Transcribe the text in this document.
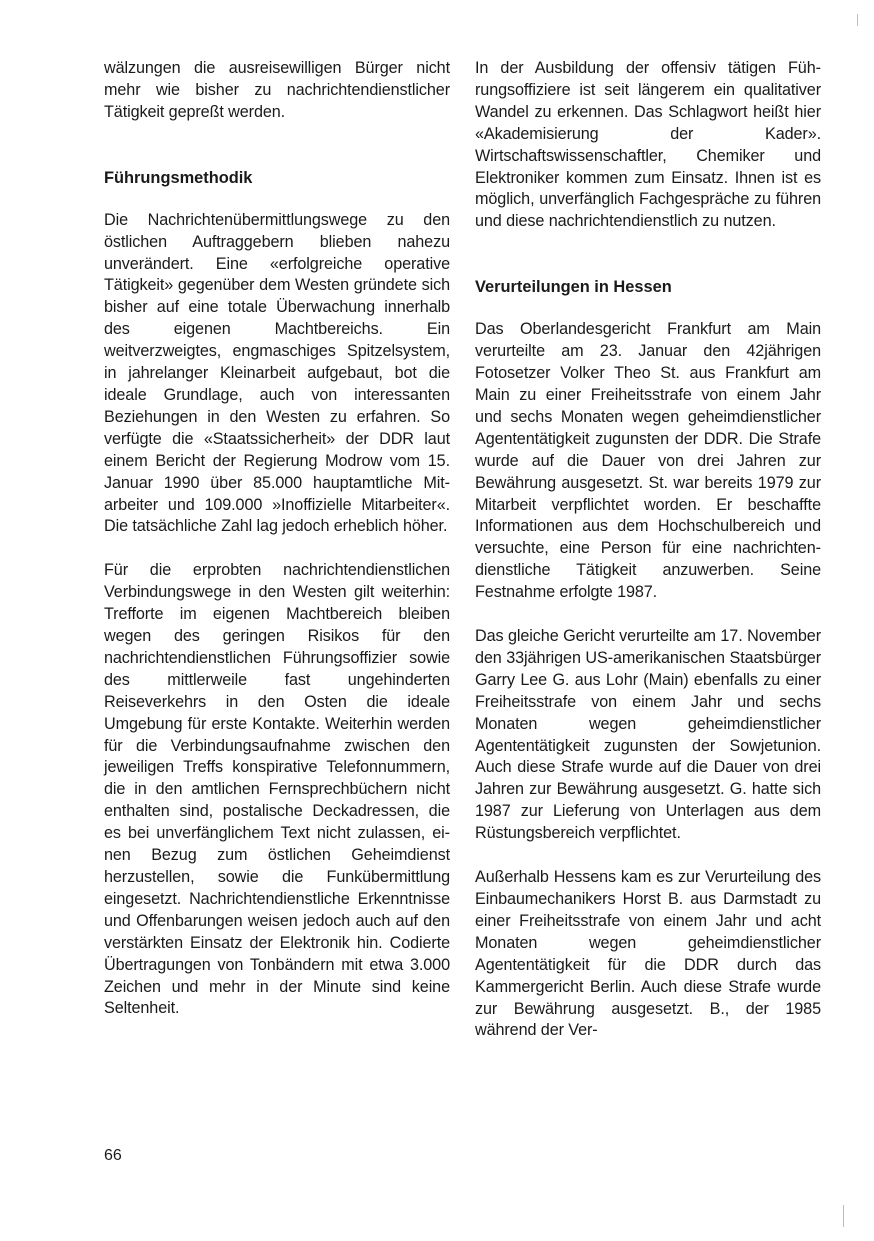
wälzungen die ausreisewilligen Bürger nicht mehr wie bisher zu nachrichtendienstlicher Tätigkeit gepreßt werden.

Führungsmethodik

Die Nachrichtenübermittlungswege zu den östlichen Auftraggebern blieben nahezu unverändert. Eine «erfolgreiche operative Tätigkeit» gegenüber dem Westen gründete sich bisher auf eine totale Überwachung innerhalb des eigenen Machtbereichs. Ein weitverzweigtes, engmaschiges Spitzelsystem, in jahrelanger Kleinarbeit aufgebaut, bot die ideale Grundlage, auch von interessanten Beziehungen in den Westen zu erfahren. So verfügte die «Staatssicherheit» der DDR laut einem Bericht der Regierung Modrow vom 15. Januar 1990 über 85.000 hauptamtliche Mitarbeiter und 109.000 »Inoffizielle Mitarbeiter«. Die tatsächliche Zahl lag jedoch erheblich höher.

Für die erprobten nachrichtendienstlichen Verbindungswege in den Westen gilt weiterhin: Trefforte im eigenen Machtbereich bleiben wegen des geringen Risikos für den nachrichtendienstlichen Führungsoffizier sowie des mittlerweile fast ungehinderten Reiseverkehrs in den Osten die ideale Umgebung für erste Kontakte. Weiterhin werden für die Verbindungsaufnahme zwischen den jeweiligen Treffs konspirative Telefonnummern, die in den amtlichen Fernsprechbüchern nicht enthalten sind, postalische Deckadressen, die es bei unverfänglichem Text nicht zulassen, einen Bezug zum östlichen Geheimdienst herzustellen, sowie die Funkübermittlung eingesetzt. Nachrichtendienstliche Erkenntnisse und Offenbarungen weisen jedoch auch auf den verstärkten Einsatz der Elektronik hin. Codierte Übertragungen von Tonbändern mit etwa 3.000 Zeichen und mehr in der Minute sind keine Seltenheit.

In der Ausbildung der offensiv tätigen Führungsoffiziere ist seit längerem ein qualitativer Wandel zu erkennen. Das Schlagwort heißt hier «Akademisierung der Kader». Wirtschaftswissenschaftler, Chemiker und Elektroniker kommen zum Einsatz. Ihnen ist es möglich, unverfänglich Fachgespräche zu führen und diese nachrichtendienstlich zu nutzen.

Verurteilungen in Hessen

Das Oberlandesgericht Frankfurt am Main verurteilte am 23. Januar den 42jährigen Fotosetzer Volker Theo St. aus Frankfurt am Main zu einer Freiheitsstrafe von einem Jahr und sechs Monaten wegen geheimdienstlicher Agententätigkeit zugunsten der DDR. Die Strafe wurde auf die Dauer von drei Jahren zur Bewährung ausgesetzt. St. war bereits 1979 zur Mitarbeit verpflichtet worden. Er beschaffte Informationen aus dem Hochschulbereich und versuchte, eine Person für eine nachrichtendienstliche Tätigkeit anzuwerben. Seine Festnahme erfolgte 1987.

Das gleiche Gericht verurteilte am 17. November den 33jährigen US-amerikanischen Staatsbürger Garry Lee G. aus Lohr (Main) ebenfalls zu einer Freiheitsstrafe von einem Jahr und sechs Monaten wegen geheimdienstlicher Agententätigkeit zugunsten der Sowjetunion. Auch diese Strafe wurde auf die Dauer von drei Jahren zur Bewährung ausgesetzt. G. hatte sich 1987 zur Lieferung von Unterlagen aus dem Rüstungsbereich verpflichtet.

Außerhalb Hessens kam es zur Verurteilung des Einbaumechanikers Horst B. aus Darmstadt zu einer Freiheitsstrafe von einem Jahr und acht Monaten wegen geheimdienstlicher Agententätigkeit für die DDR durch das Kammergericht Berlin. Auch diese Strafe wurde zur Bewährung ausgesetzt. B., der 1985 während der Ver-

66
